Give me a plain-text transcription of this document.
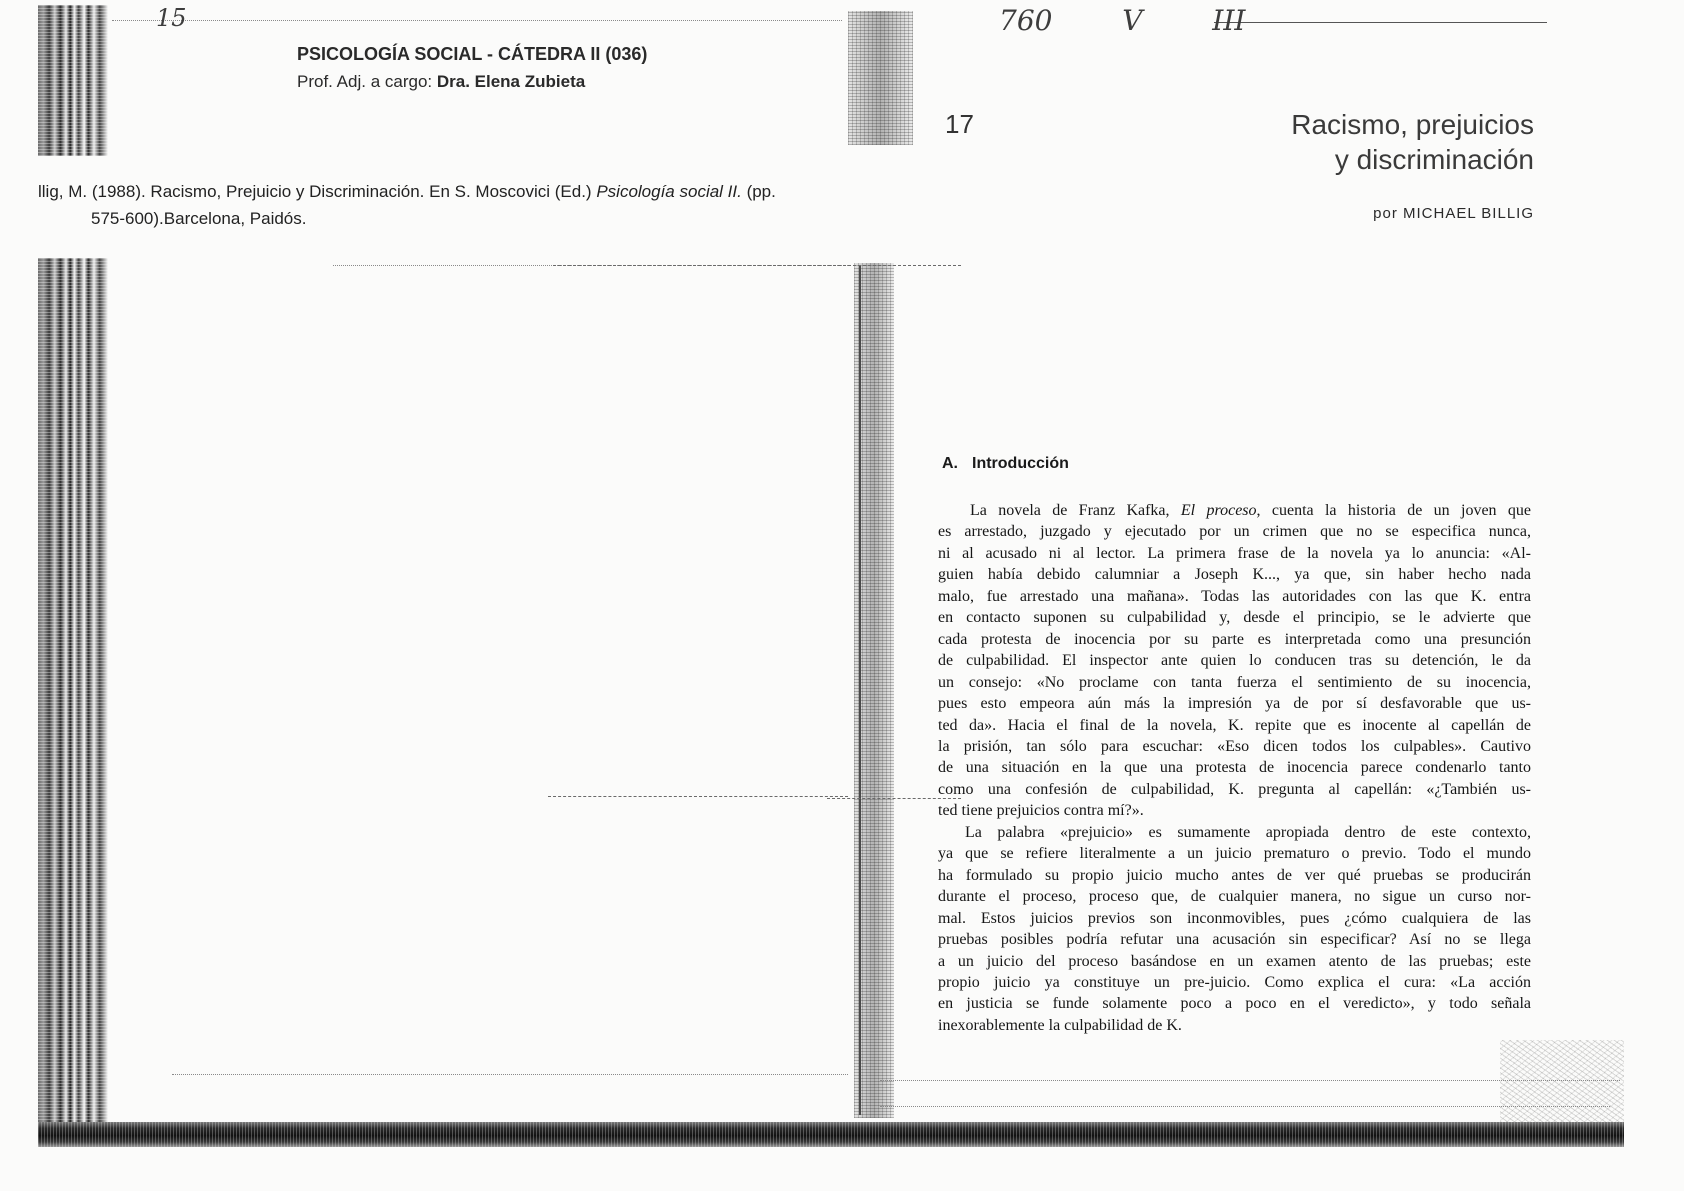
15	760  V  III
PSICOLOGÍA SOCIAL - CÁTEDRA II (036)
Prof. Adj. a cargo: Dra. Elena Zubieta
llig, M. (1988). Racismo, Prejuicio y Discriminación. En S. Moscovici (Ed.) Psicología social II. (pp.
575-600).Barcelona, Paidós.
17	Racismo, prejuicios
y discriminación
por MICHAEL BILLIG
A. Introducción
La novela de Franz Kafka, El proceso, cuenta la historia de un joven que
es arrestado, juzgado y ejecutado por un crimen que no se especifica nunca,
ni al acusado ni al lector. La primera frase de la novela ya lo anuncia: «Al-
guien había debido calumniar a Joseph K..., ya que, sin haber hecho nada
malo, fue arrestado una mañana». Todas las autoridades con las que K. entra
en contacto suponen su culpabilidad y, desde el principio, se le advierte que
cada protesta de inocencia por su parte es interpretada como una presunción
de culpabilidad. El inspector ante quien lo conducen tras su detención, le da
un consejo: «No proclame con tanta fuerza el sentimiento de su inocencia,
pues esto empeora aún más la impresión ya de por sí desfavorable que us-
ted da». Hacia el final de la novela, K. repite que es inocente al capellán de
la prisión, tan sólo para escuchar: «Eso dicen todos los culpables». Cautivo
de una situación en la que una protesta de inocencia parece condenarlo tanto
como una confesión de culpabilidad, K. pregunta al capellán: «¿También us-
ted tiene prejuicios contra mí?».
La palabra «prejuicio» es sumamente apropiada dentro de este contexto,
ya que se refiere literalmente a un juicio prematuro o previo. Todo el mundo
ha formulado su propio juicio mucho antes de ver qué pruebas se producirán
durante el proceso, proceso que, de cualquier manera, no sigue un curso nor-
mal. Estos juicios previos son inconmovibles, pues ¿cómo cualquiera de las
pruebas posibles podría refutar una acusación sin especificar? Así no se llega
a un juicio del proceso basándose en un examen atento de las pruebas; este
propio juicio ya constituye un pre-juicio. Como explica el cura: «La acción
en justicia se funde solamente poco a poco en el veredicto», y todo señala
inexorablemente la culpabilidad de K.
